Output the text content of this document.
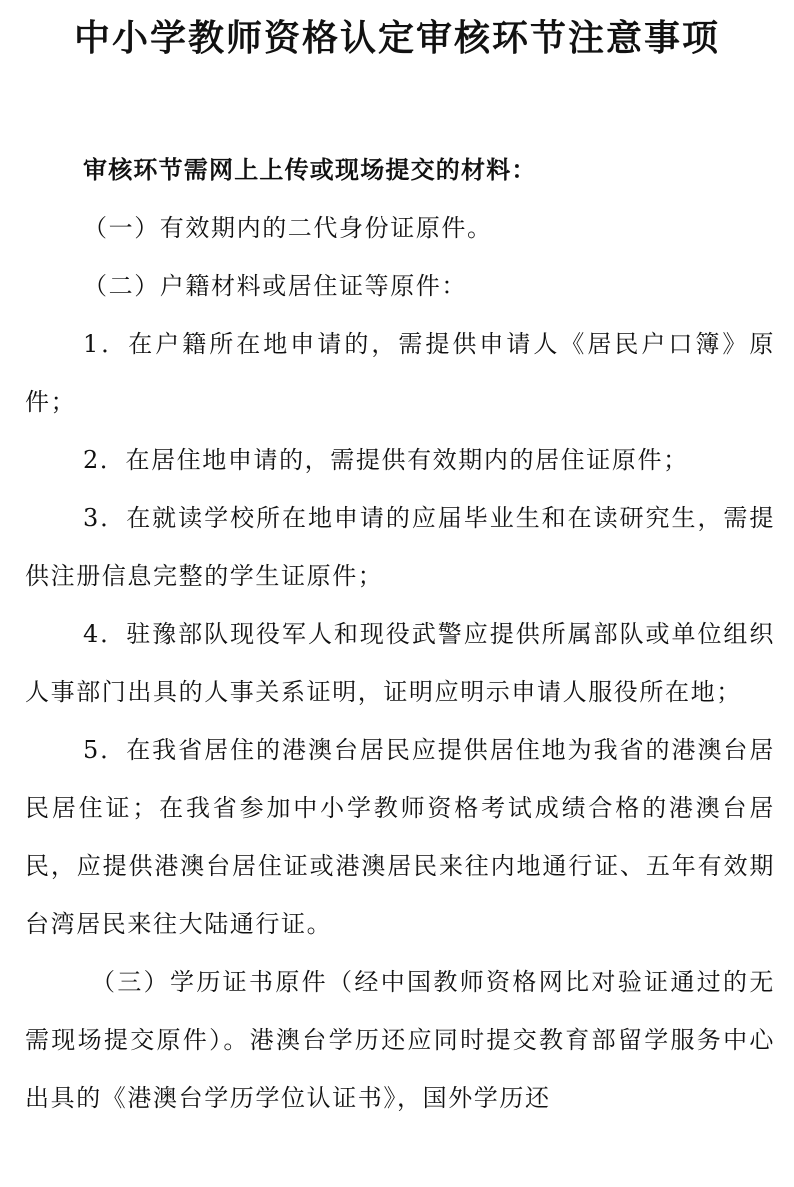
中小学教师资格认定审核环节注意事项

审核环节需网上上传或现场提交的材料：

（一）有效期内的二代身份证原件。

（二）户籍材料或居住证等原件：

1．在户籍所在地申请的，需提供申请人《居民户口簿》原件；

2．在居住地申请的，需提供有效期内的居住证原件；

3．在就读学校所在地申请的应届毕业生和在读研究生，需提供注册信息完整的学生证原件；

4．驻豫部队现役军人和现役武警应提供所属部队或单位组织人事部门出具的人事关系证明，证明应明示申请人服役所在地；

5．在我省居住的港澳台居民应提供居住地为我省的港澳台居民居住证；在我省参加中小学教师资格考试成绩合格的港澳台居民，应提供港澳台居住证或港澳居民来往内地通行证、五年有效期台湾居民来往大陆通行证。

（三）学历证书原件（经中国教师资格网比对验证通过的无需现场提交原件）。港澳台学历还应同时提交教育部留学服务中心出具的《港澳台学历学位认证书》，国外学历还
